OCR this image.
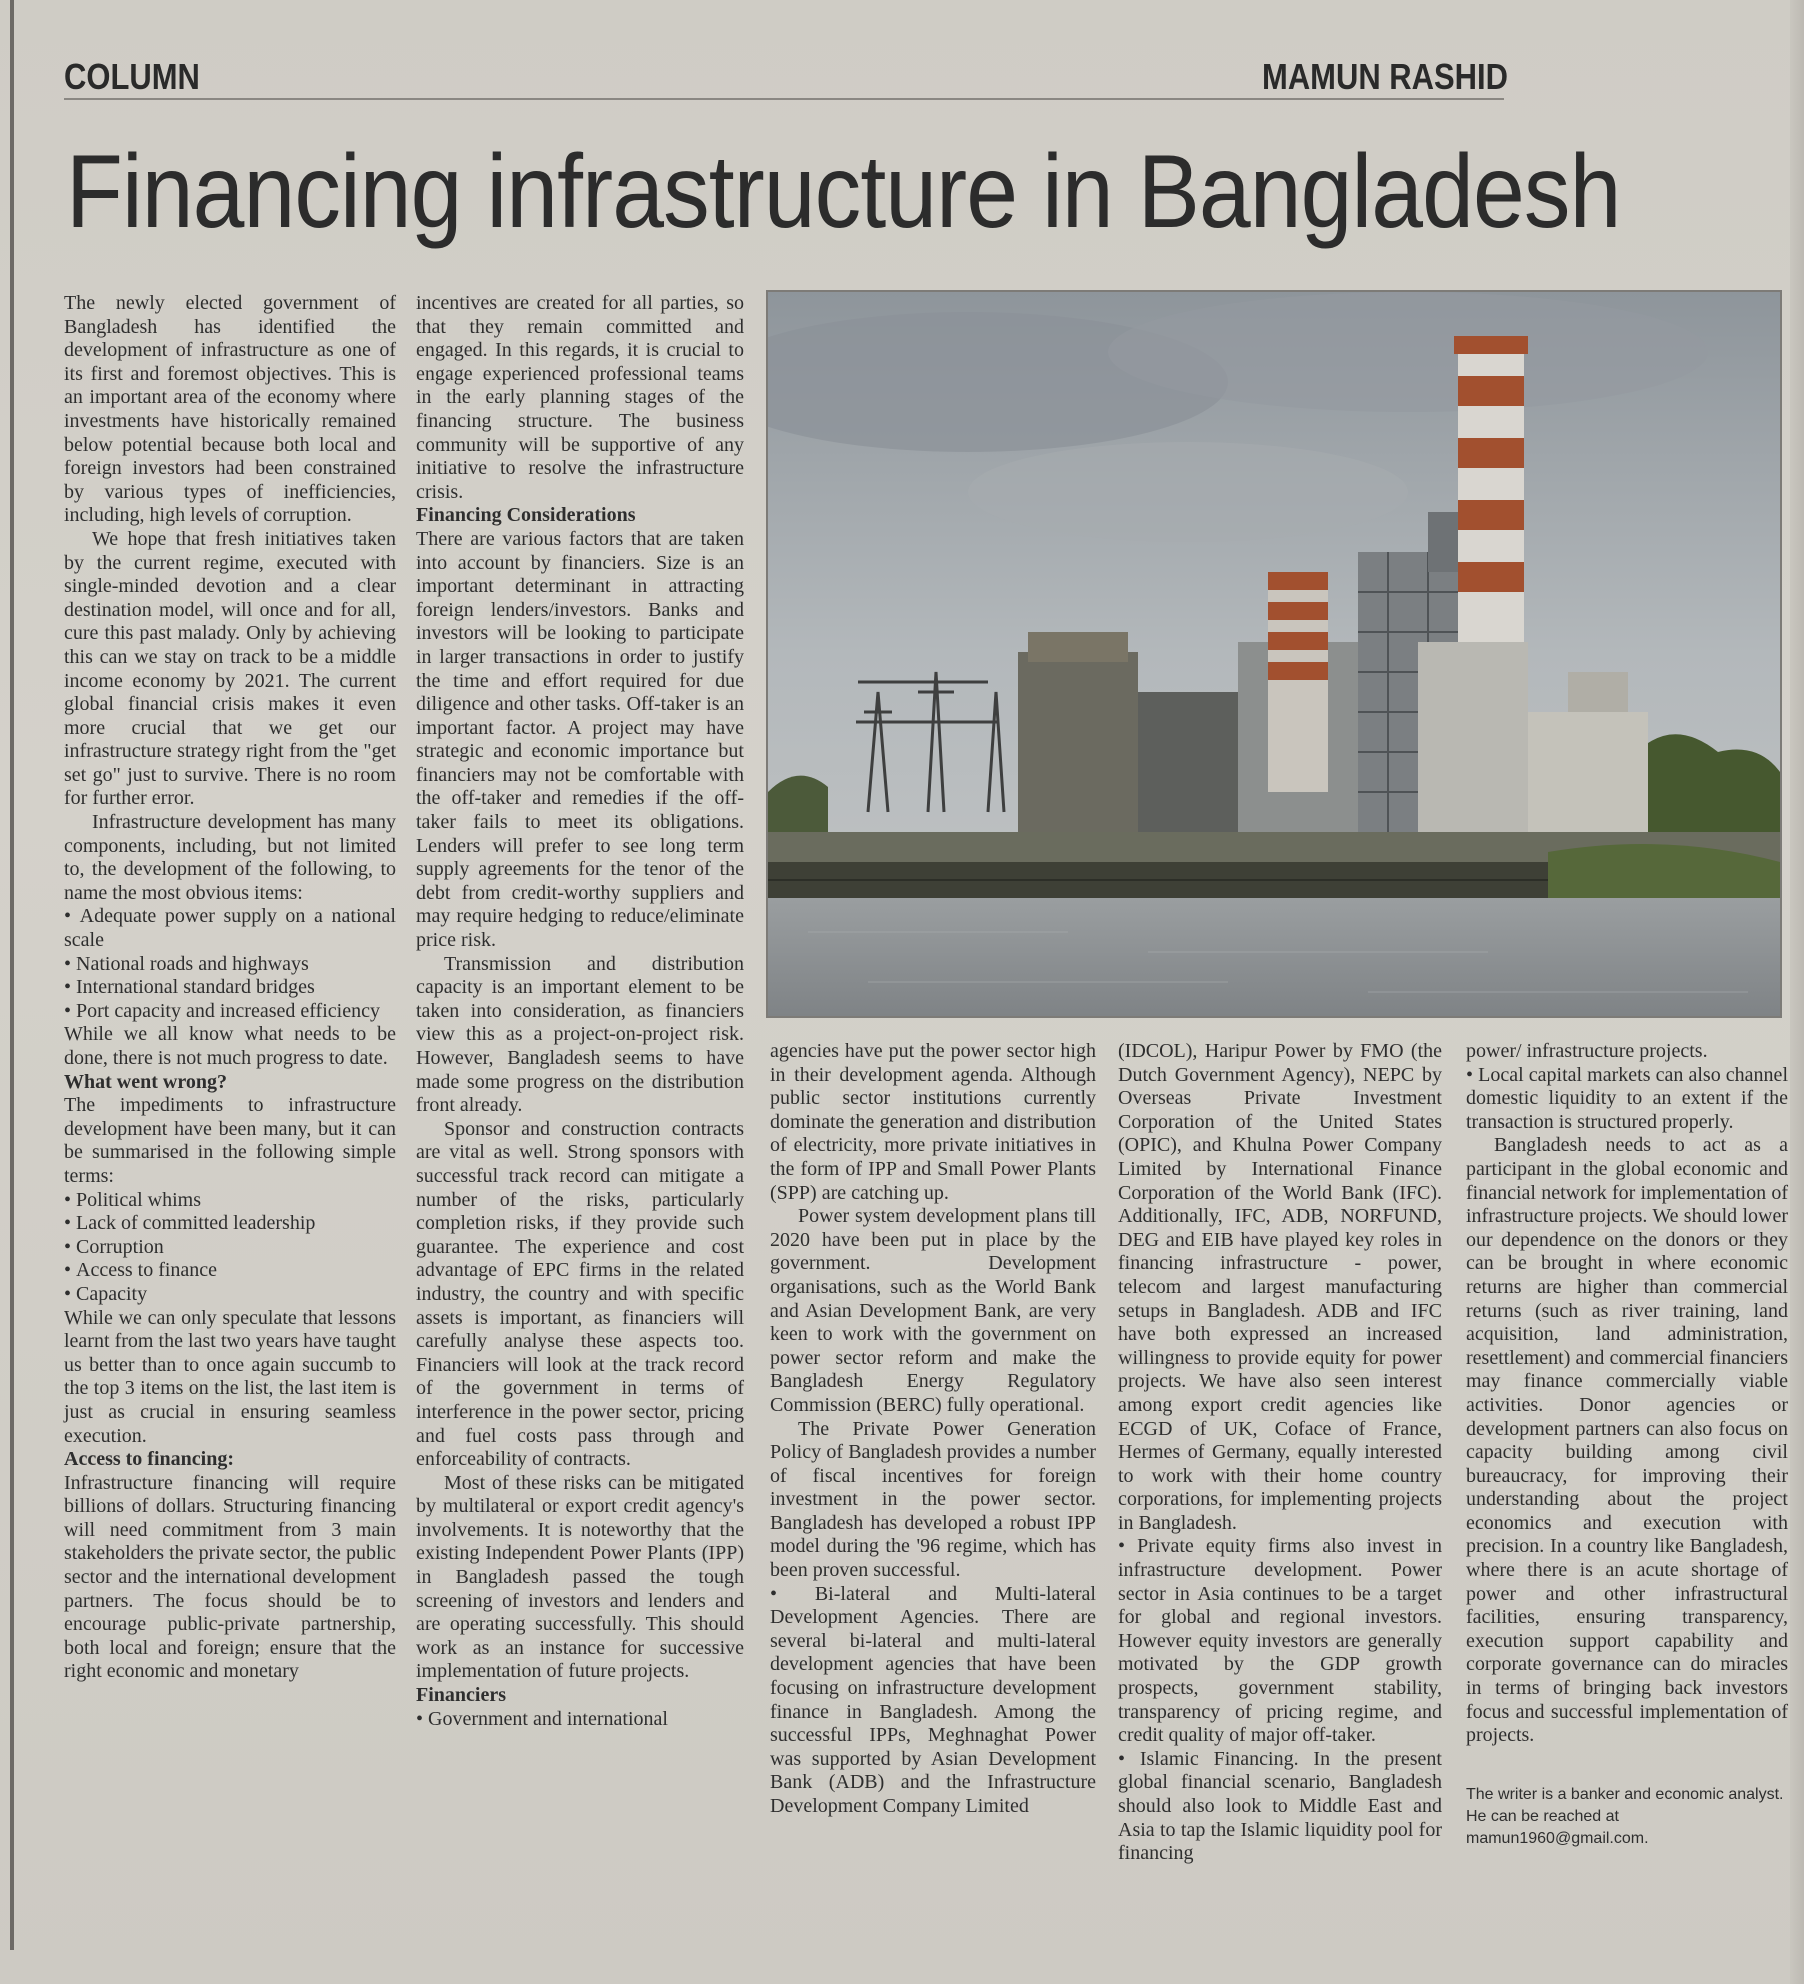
COLUMN	MAMUN RASHID
Financing infrastructure in Bangladesh

The newly elected government of Bangladesh has identified the development of infrastructure as one of its first and foremost objectives. This is an important area of the economy where investments have historically remained below potential because both local and foreign investors had been constrained by various types of inefficiencies, including, high levels of corruption.

We hope that fresh initiatives taken by the current regime, executed with single-minded devotion and a clear destination model, will once and for all, cure this past malady. Only by achieving this can we stay on track to be a middle income economy by 2021. The current global financial crisis makes it even more crucial that we get our infrastructure strategy right from the "get set go" just to survive. There is no room for further error.

Infrastructure development has many components, including, but not limited to, the development of the following, to name the most obvious items:

• Adequate power supply on a national scale

• National roads and highways

• International standard bridges

• Port capacity and increased efficiency

While we all know what needs to be done, there is not much progress to date.

What went wrong?

The impediments to infrastructure development have been many, but it can be summarised in the following simple terms:

• Political whims

• Lack of committed leadership

• Corruption

• Access to finance

• Capacity

While we can only speculate that lessons learnt from the last two years have taught us better than to once again succumb to the top 3 items on the list, the last item is just as crucial in ensuring seamless execution.

Access to financing:

Infrastructure financing will require billions of dollars. Structuring financing will need commitment from 3 main stakeholders the private sector, the public sector and the international development partners. The focus should be to encourage public-private partnership, both local and foreign; ensure that the right economic and monetary

incentives are created for all parties, so that they remain committed and engaged. In this regards, it is crucial to engage experienced professional teams in the early planning stages of the financing structure. The business community will be supportive of any initiative to resolve the infrastructure crisis.

Financing Considerations

There are various factors that are taken into account by financiers. Size is an important determinant in attracting foreign lenders/investors. Banks and investors will be looking to participate in larger transactions in order to justify the time and effort required for due diligence and other tasks. Off-taker is an important factor. A project may have strategic and economic importance but financiers may not be comfortable with the off-taker and remedies if the off-taker fails to meet its obligations. Lenders will prefer to see long term supply agreements for the tenor of the debt from credit-worthy suppliers and may require hedging to reduce/eliminate price risk.

Transmission and distribution capacity is an important element to be taken into consideration, as financiers view this as a project-on-project risk. However, Bangladesh seems to have made some progress on the distribution front already.

Sponsor and construction contracts are vital as well. Strong sponsors with successful track record can mitigate a number of the risks, particularly completion risks, if they provide such guarantee. The experience and cost advantage of EPC firms in the related industry, the country and with specific assets is important, as financiers will carefully analyse these aspects too. Financiers will look at the track record of the government in terms of interference in the power sector, pricing and fuel costs pass through and enforceability of contracts.

Most of these risks can be mitigated by multilateral or export credit agency's involvements. It is noteworthy that the existing Independent Power Plants (IPP) in Bangladesh passed the tough screening of investors and lenders and are operating successfully. This should work as an instance for successive implementation of future projects.

Financiers

• Government and international

agencies have put the power sector high in their development agenda. Although public sector institutions currently dominate the generation and distribution of electricity, more private initiatives in the form of IPP and Small Power Plants (SPP) are catching up.

Power system development plans till 2020 have been put in place by the government. Development organisations, such as the World Bank and Asian Development Bank, are very keen to work with the government on power sector reform and make the Bangladesh Energy Regulatory Commission (BERC) fully operational.

The Private Power Generation Policy of Bangladesh provides a number of fiscal incentives for foreign investment in the power sector. Bangladesh has developed a robust IPP model during the '96 regime, which has been proven successful.

• Bi-lateral and Multi-lateral Development Agencies. There are several bi-lateral and multi-lateral development agencies that have been focusing on infrastructure development finance in Bangladesh. Among the successful IPPs, Meghnaghat Power was supported by Asian Development Bank (ADB) and the Infrastructure Development Company Limited

(IDCOL), Haripur Power by FMO (the Dutch Government Agency), NEPC by Overseas Private Investment Corporation of the United States (OPIC), and Khulna Power Company Limited by International Finance Corporation of the World Bank (IFC). Additionally, IFC, ADB, NORFUND, DEG and EIB have played key roles in financing infrastructure - power, telecom and largest manufacturing setups in Bangladesh. ADB and IFC have both expressed an increased willingness to provide equity for power projects. We have also seen interest among export credit agencies like ECGD of UK, Coface of France, Hermes of Germany, equally interested to work with their home country corporations, for implementing projects in Bangladesh.

• Private equity firms also invest in infrastructure development. Power sector in Asia continues to be a target for global and regional investors. However equity investors are generally motivated by the GDP growth prospects, government stability, transparency of pricing regime, and credit quality of major off-taker.

• Islamic Financing. In the present global financial scenario, Bangladesh should also look to Middle East and Asia to tap the Islamic liquidity pool for financing

power/ infrastructure projects.

• Local capital markets can also channel domestic liquidity to an extent if the transaction is structured properly.

Bangladesh needs to act as a participant in the global economic and financial network for implementation of infrastructure projects. We should lower our dependence on the donors or they can be brought in where economic returns are higher than commercial returns (such as river training, land acquisition, land administration, resettlement) and commercial financiers may finance commercially viable activities. Donor agencies or development partners can also focus on capacity building among civil bureaucracy, for improving their understanding about the project economics and execution with precision. In a country like Bangladesh, where there is an acute shortage of power and other infrastructural facilities, ensuring transparency, execution support capability and corporate governance can do miracles in terms of bringing back investors focus and successful implementation of projects.

The writer is a banker and economic analyst. He can be reached at mamun1960@gmail.com.
